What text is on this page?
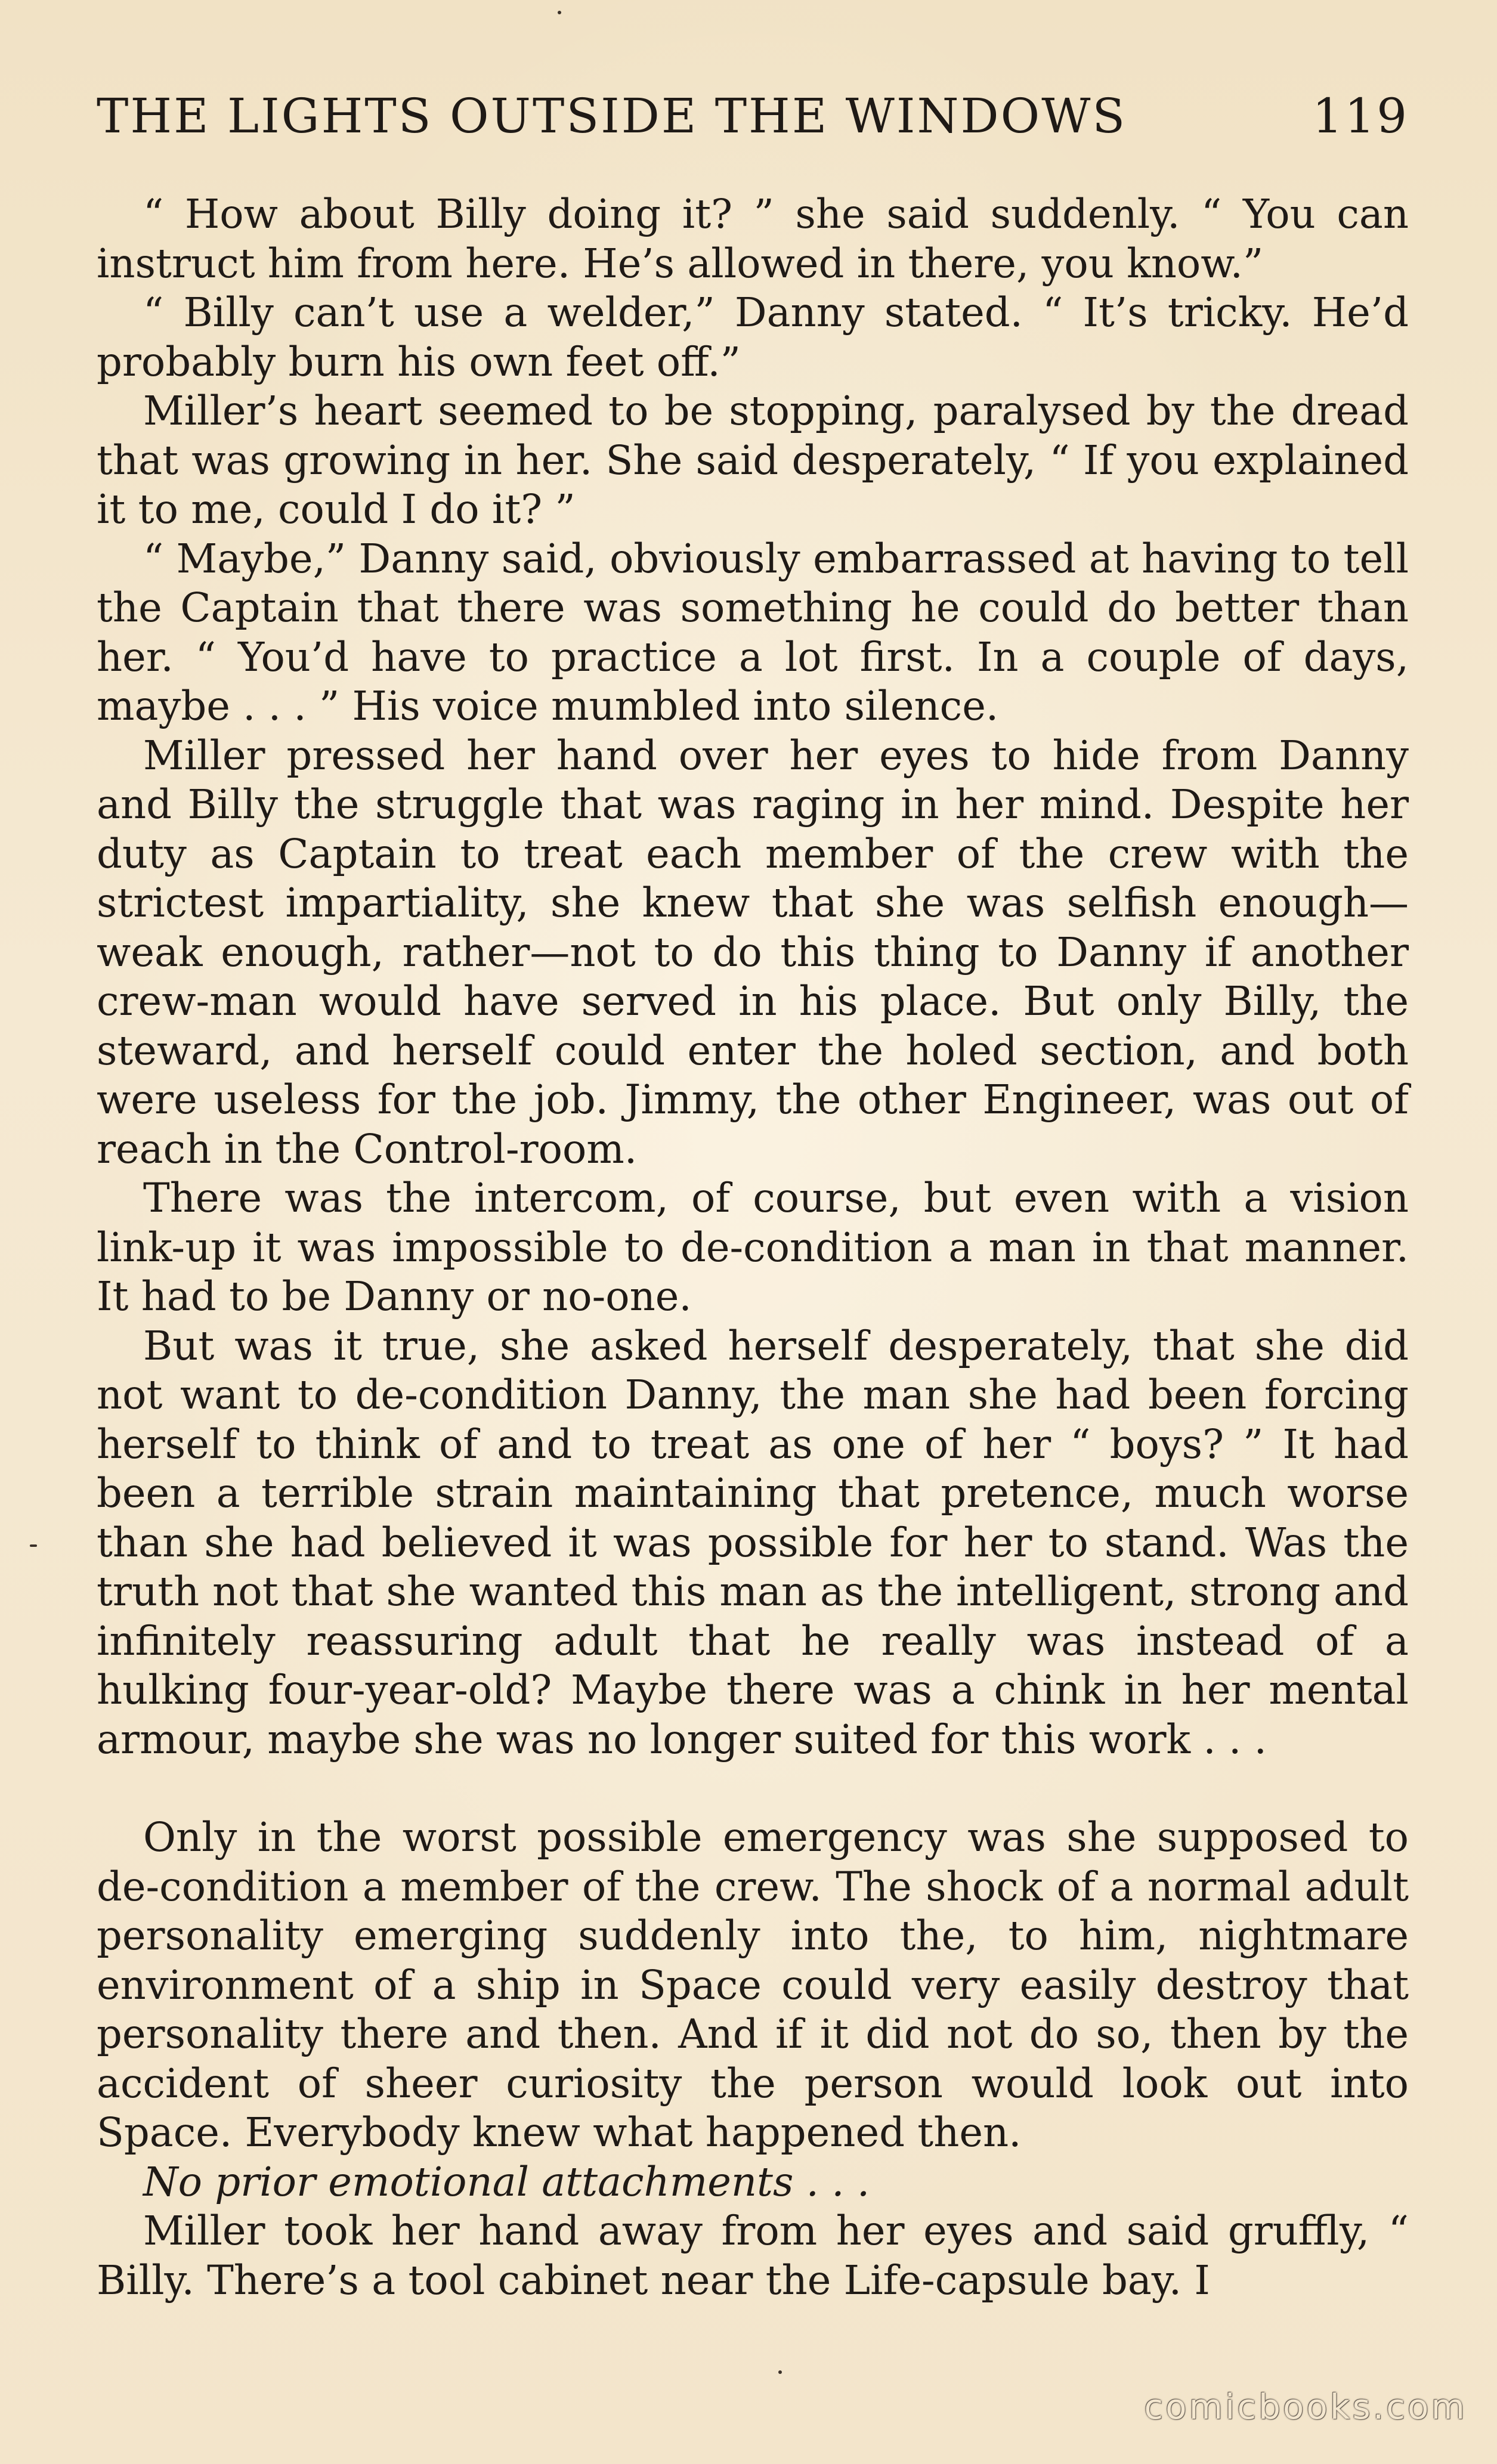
THE LIGHTS OUTSIDE THE WINDOWS	119

“ How about Billy doing it? ” she said suddenly. “ You can instruct him from here. He’s allowed in there, you know.”

“ Billy can’t use a welder,” Danny stated. “ It’s tricky. He’d probably burn his own feet off.”

Miller’s heart seemed to be stopping, paralysed by the dread that was growing in her. She said desperately, “ If you explained it to me, could I do it? ”

“ Maybe,” Danny said, obviously embarrassed at having to tell the Captain that there was something he could do better than her. “ You’d have to practice a lot first. In a couple of days, maybe . . . ” His voice mumbled into silence.

Miller pressed her hand over her eyes to hide from Danny and Billy the struggle that was raging in her mind. Despite her duty as Captain to treat each member of the crew with the strictest impartiality, she knew that she was selfish enough—weak enough, rather—not to do this thing to Danny if another crew-man would have served in his place. But only Billy, the steward, and herself could enter the holed section, and both were useless for the job. Jimmy, the other Engineer, was out of reach in the Control-room.

There was the intercom, of course, but even with a vision link-up it was impossible to de-condition a man in that manner. It had to be Danny or no-one.

But was it true, she asked herself desperately, that she did not want to de-condition Danny, the man she had been forcing herself to think of and to treat as one of her “ boys? ” It had been a terrible strain maintaining that pretence, much worse than she had believed it was possible for her to stand. Was the truth not that she wanted this man as the intelligent, strong and infinitely reassuring adult that he really was instead of a hulking four-year-old? Maybe there was a chink in her mental armour, maybe she was no longer suited for this work . . .

Only in the worst possible emergency was she supposed to de-condition a member of the crew. The shock of a normal adult personality emerging suddenly into the, to him, nightmare environment of a ship in Space could very easily destroy that personality there and then. And if it did not do so, then by the accident of sheer curiosity the person would look out into Space. Everybody knew what happened then.

No prior emotional attachments . . .

Miller took her hand away from her eyes and said gruffly, “ Billy. There’s a tool cabinet near the Life-capsule bay. I

comicbooks.com
